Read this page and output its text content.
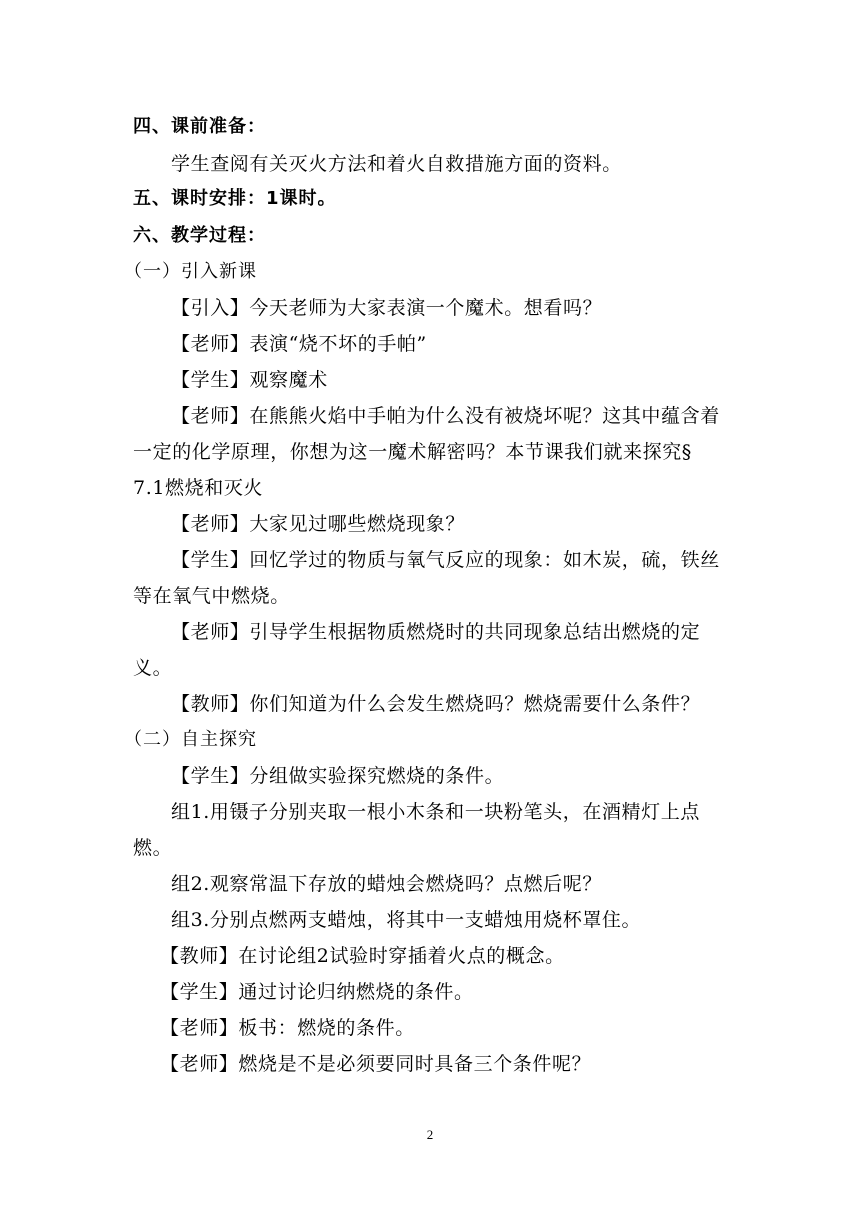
四、课前准备：
学生查阅有关灭火方法和着火自救措施方面的资料。
五、课时安排：1课时。
六、教学过程：
（一）引入新课
【引入】今天老师为大家表演一个魔术。想看吗？
【老师】表演“烧不坏的手帕”
【学生】观察魔术
【老师】在熊熊火焰中手帕为什么没有被烧坏呢？这其中蕴含着
一定的化学原理，你想为这一魔术解密吗？本节课我们就来探究§
7.1燃烧和灭火
【老师】大家见过哪些燃烧现象？
【学生】回忆学过的物质与氧气反应的现象：如木炭，硫，铁丝
等在氧气中燃烧。
【老师】引导学生根据物质燃烧时的共同现象总结出燃烧的定
义。
【教师】你们知道为什么会发生燃烧吗？燃烧需要什么条件？
（二）自主探究
【学生】分组做实验探究燃烧的条件。
组1.用镊子分别夹取一根小木条和一块粉笔头，在酒精灯上点
燃。
组2.观察常温下存放的蜡烛会燃烧吗？点燃后呢？
组3.分别点燃两支蜡烛，将其中一支蜡烛用烧杯罩住。
【教师】在讨论组2试验时穿插着火点的概念。
【学生】通过讨论归纳燃烧的条件。
【老师】板书：燃烧的条件。
【老师】燃烧是不是必须要同时具备三个条件呢？
2
